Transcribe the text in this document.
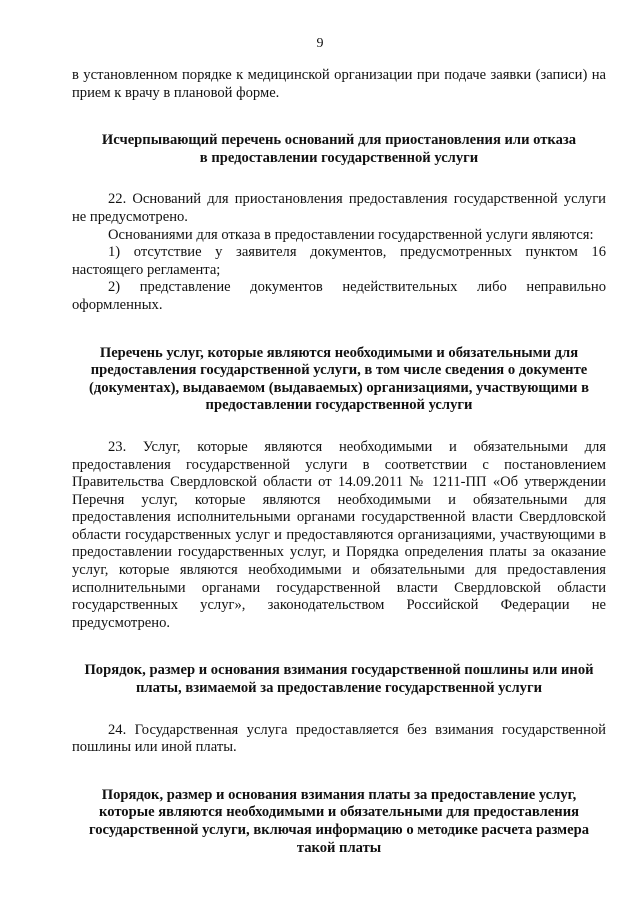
9

в установленном порядке к медицинской организации при подаче заявки (записи) на прием к врачу в плановой форме.

Исчерпывающий перечень оснований для приостановления или отказа
в предоставлении государственной услуги

22. Оснований для приостановления предоставления государственной услуги не предусмотрено.

Основаниями для отказа в предоставлении государственной услуги являются:

1) отсутствие у заявителя документов, предусмотренных пунктом 16 настоящего регламента;

2) представление документов недействительных либо неправильно оформленных.

Перечень услуг, которые являются необходимыми и обязательными для
предоставления государственной услуги, в том числе сведения о документе
(документах), выдаваемом (выдаваемых) организациями, участвующими в
предоставлении государственной услуги

23. Услуг, которые являются необходимыми и обязательными для предоставления государственной услуги в соответствии с постановлением Правительства Свердловской области от 14.09.2011 № 1211-ПП «Об утверждении Перечня услуг, которые являются необходимыми и обязательными для предоставления исполнительными органами государственной власти Свердловской области государственных услуг и предоставляются организациями, участвующими в предоставлении государственных услуг, и Порядка определения платы за оказание услуг, которые являются необходимыми и обязательными для предоставления исполнительными органами государственной власти Свердловской области государственных услуг», законодательством Российской Федерации не предусмотрено.

Порядок, размер и основания взимания государственной пошлины или иной
платы, взимаемой за предоставление государственной услуги

24. Государственная услуга предоставляется без взимания государственной пошлины или иной платы.

Порядок, размер и основания взимания платы за предоставление услуг,
которые являются необходимыми и обязательными для предоставления
государственной услуги, включая информацию о методике расчета размера
такой платы
